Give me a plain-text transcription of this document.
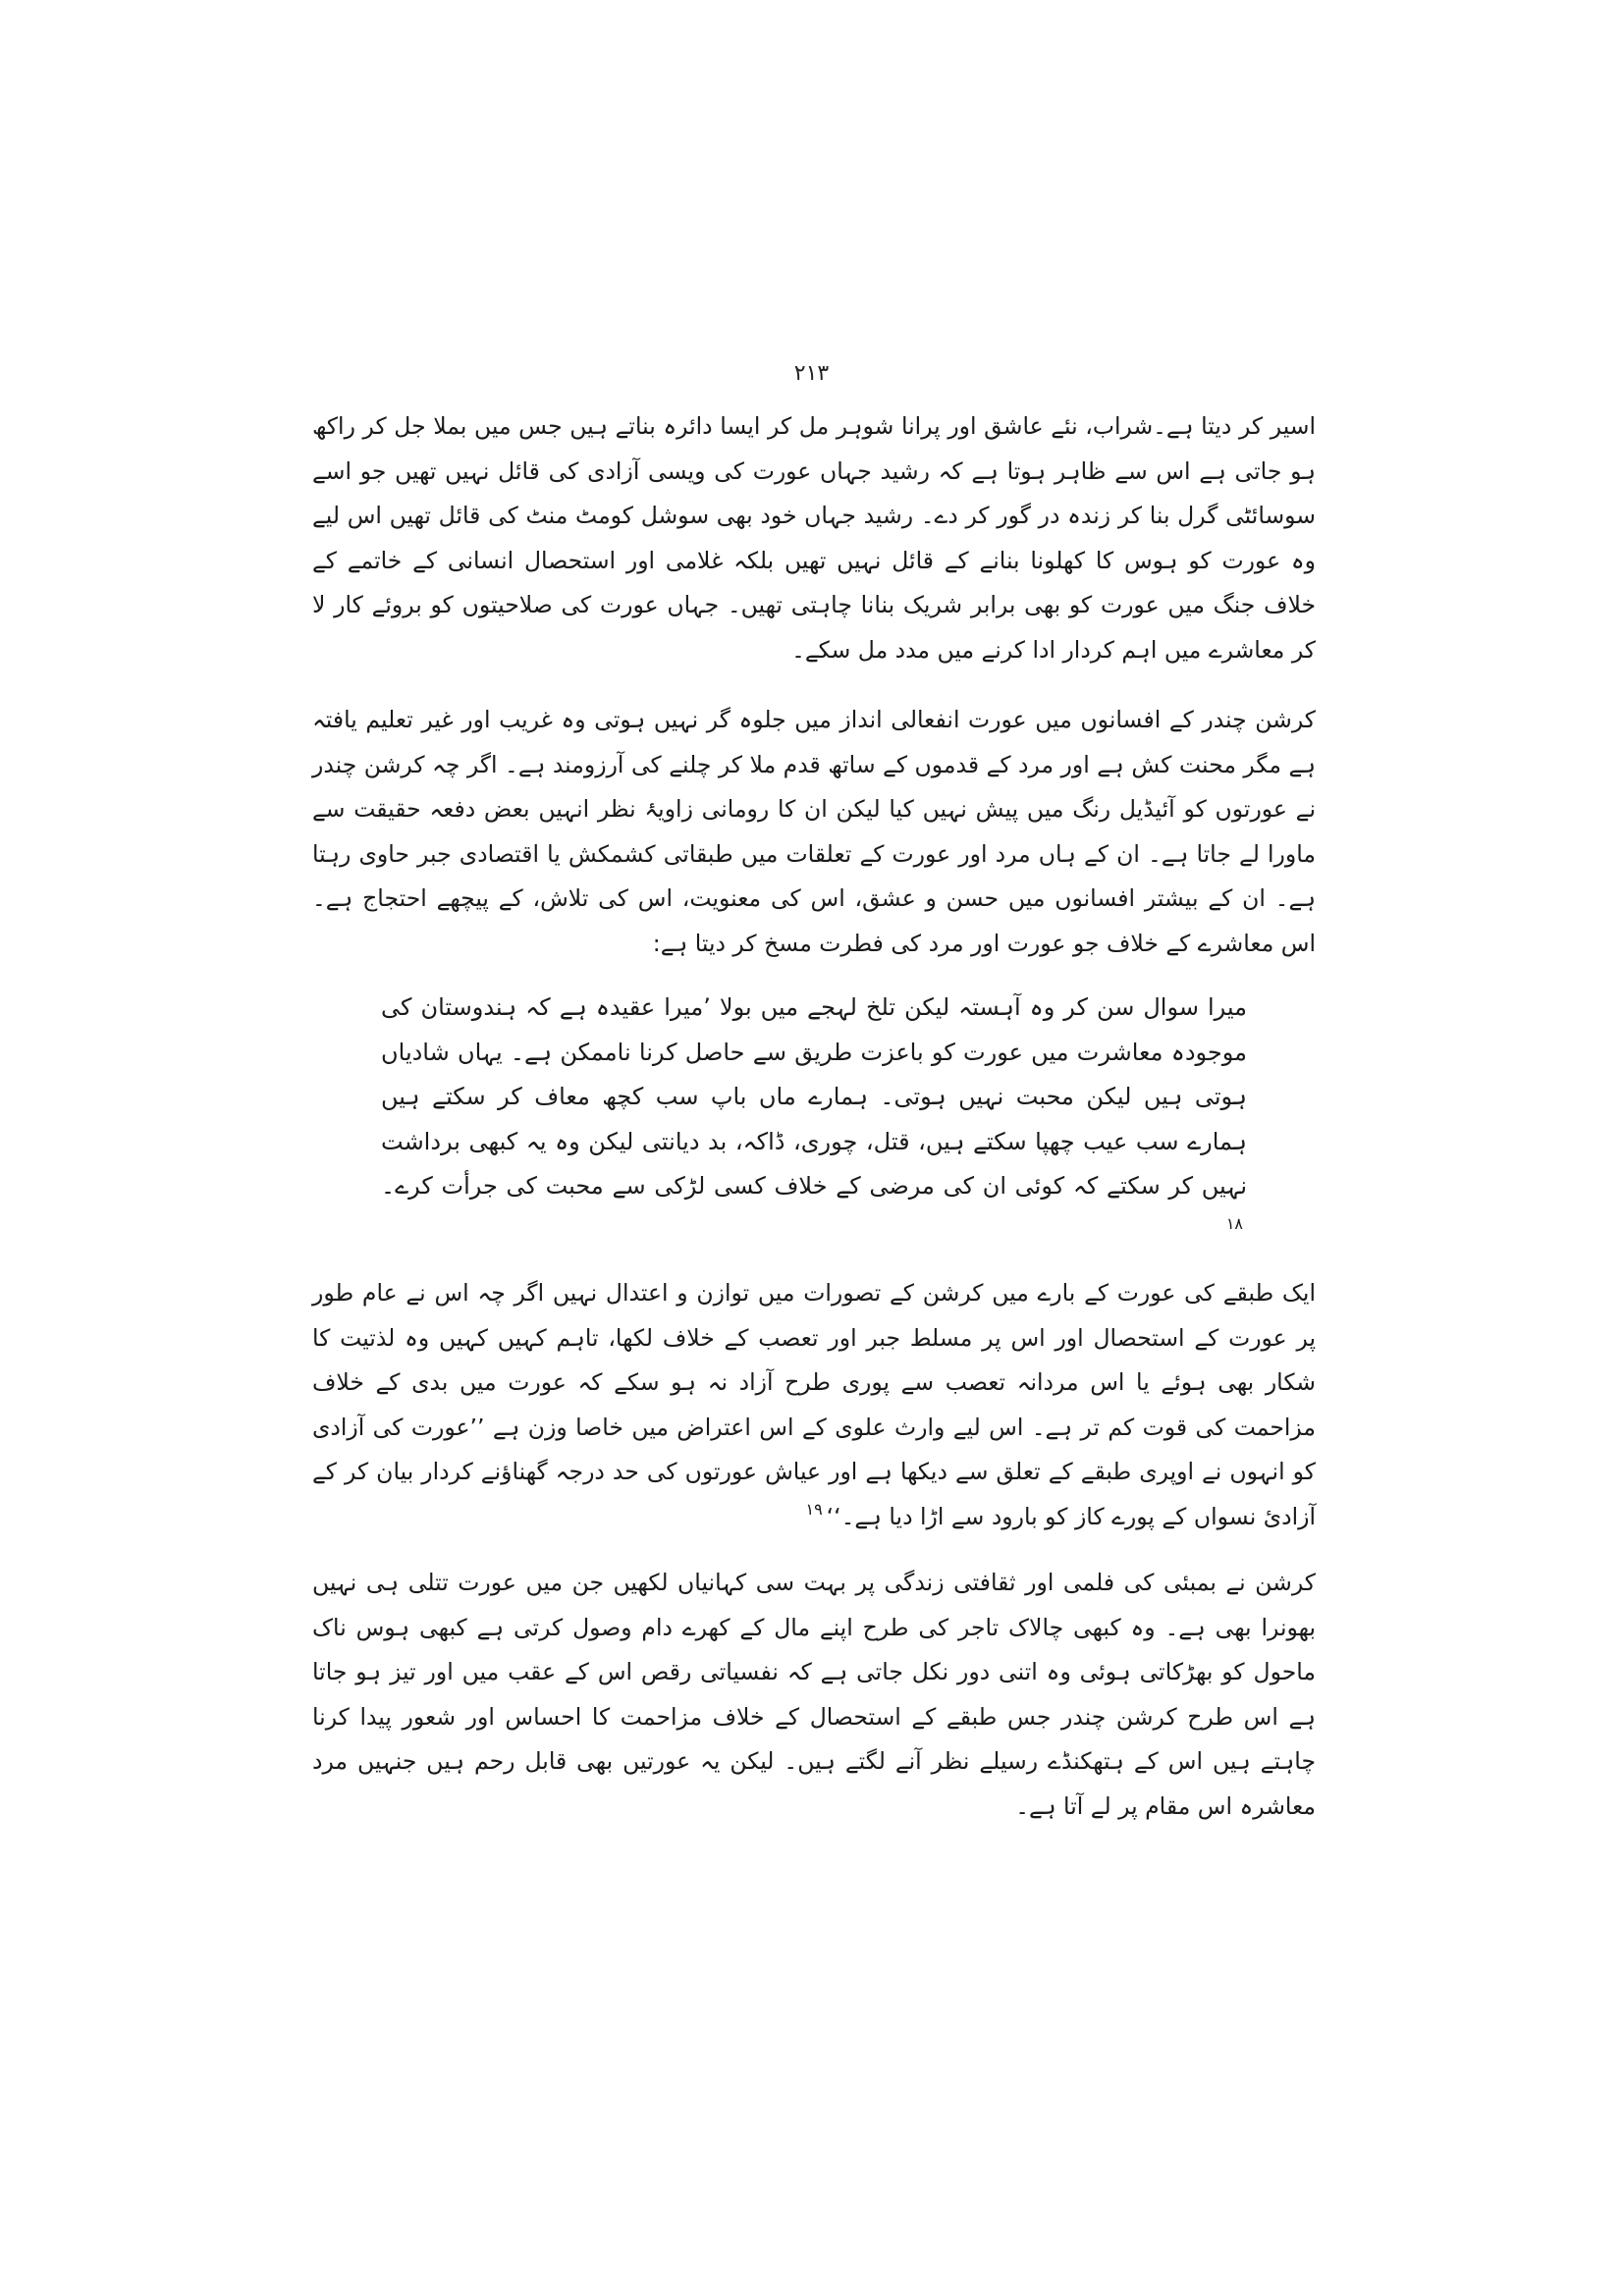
۲۱۳

اسیر کر دیتا ہے۔شراب، نئے عاشق اور پرانا شوہر مل کر ایسا دائرہ بناتے ہیں جس میں بملا جل کر راکھ ہو جاتی ہے اس سے ظاہر ہوتا ہے کہ رشید جہاں عورت کی ویسی آزادی کی قائل نہیں تھیں جو اسے سوسائٹی گرل بنا کر زندہ در گور کر دے۔ رشید جہاں خود بھی سوشل کومٹ منٹ کی قائل تھیں اس لیے وہ عورت کو ہوس کا کھلونا بنانے کے قائل نہیں تھیں بلکہ غلامی اور استحصال انسانی کے خاتمے کے خلاف جنگ میں عورت کو بھی برابر شریک بنانا چاہتی تھیں۔ جہاں عورت کی صلاحیتوں کو بروئے کار لا کر معاشرے میں اہم کردار ادا کرنے میں مدد مل سکے۔

کرشن چندر کے افسانوں میں عورت انفعالی انداز میں جلوہ گر نہیں ہوتی وہ غریب اور غیر تعلیم یافتہ ہے مگر محنت کش ہے اور مرد کے قدموں کے ساتھ قدم ملا کر چلنے کی آرزومند ہے۔ اگر چہ کرشن چندر نے عورتوں کو آئیڈیل رنگ میں پیش نہیں کیا لیکن ان کا رومانی زاویۂ نظر انہیں بعض دفعہ حقیقت سے ماورا لے جاتا ہے۔ ان کے ہاں مرد اور عورت کے تعلقات میں طبقاتی کشمکش یا اقتصادی جبر حاوی رہتا ہے۔ ان کے بیشتر افسانوں میں حسن و عشق، اس کی معنویت، اس کی تلاش، کے پیچھے احتجاج ہے۔ اس معاشرے کے خلاف جو عورت اور مرد کی فطرت مسخ کر دیتا ہے:

میرا سوال سن کر وہ آہستہ لیکن تلخ لہجے میں بولا ’میرا عقیدہ ہے کہ ہندوستان کی موجودہ معاشرت میں عورت کو باعزت طریق سے حاصل کرنا ناممکن ہے۔ یہاں شادیاں ہوتی ہیں لیکن محبت نہیں ہوتی۔ ہمارے ماں باپ سب کچھ معاف کر سکتے ہیں ہمارے سب عیب چھپا سکتے ہیں، قتل، چوری، ڈاکہ، بد دیانتی لیکن وہ یہ کبھی برداشت نہیں کر سکتے کہ کوئی ان کی مرضی کے خلاف کسی لڑکی سے محبت کی جرأت کرے۔$^{۱۸}$

ایک طبقے کی عورت کے بارے میں کرشن کے تصورات میں توازن و اعتدال نہیں اگر چہ اس نے عام طور پر عورت کے استحصال اور اس پر مسلط جبر اور تعصب کے خلاف لکھا، تاہم کہیں کہیں وہ لذتیت کا شکار بھی ہوئے یا اس مردانہ تعصب سے پوری طرح آزاد نہ ہو سکے کہ عورت میں بدی کے خلاف مزاحمت کی قوت کم تر ہے۔ اس لیے وارث علوی کے اس اعتراض میں خاصا وزن ہے ’’عورت کی آزادی کو انہوں نے اوپری طبقے کے تعلق سے دیکھا ہے اور عیاش عورتوں کی حد درجہ گھناؤنے کردار بیان کر کے آزادیٔ نسواں کے پورے کاز کو بارود سے اڑا دیا ہے۔‘‘$^{۱۹}$

کرشن نے بمبئی کی فلمی اور ثقافتی زندگی پر بہت سی کہانیاں لکھیں جن میں عورت تتلی ہی نہیں بھونرا بھی ہے۔ وہ کبھی چالاک تاجر کی طرح اپنے مال کے کھرے دام وصول کرتی ہے کبھی ہوس ناک ماحول کو بھڑکاتی ہوئی وہ اتنی دور نکل جاتی ہے کہ نفسیاتی رقص اس کے عقب میں اور تیز ہو جاتا ہے اس طرح کرشن چندر جس طبقے کے استحصال کے خلاف مزاحمت کا احساس اور شعور پیدا کرنا چاہتے ہیں اس کے ہتھکنڈے رسیلے نظر آنے لگتے ہیں۔ لیکن یہ عورتیں بھی قابل رحم ہیں جنہیں مرد معاشرہ اس مقام پر لے آتا ہے۔
